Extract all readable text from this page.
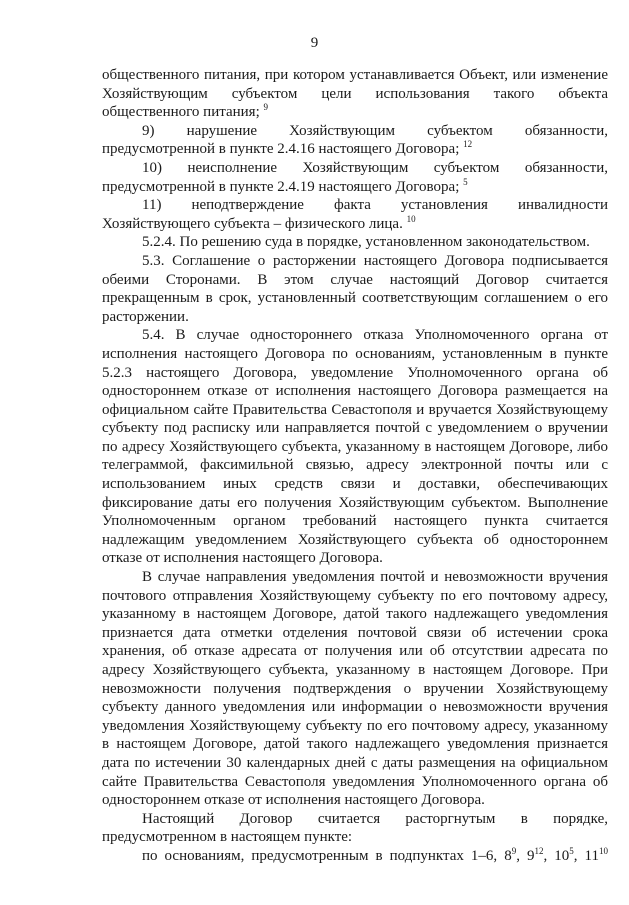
9

общественного питания, при котором устанавливается Объект, или изменение Хозяйствующим субъектом цели использования такого объекта общественного питания; $^9$

9) нарушение Хозяйствующим субъектом обязанности, предусмотренной в пункте 2.4.16 настоящего Договора; $^{12}$

10) неисполнение Хозяйствующим субъектом обязанности, предусмотренной в пункте 2.4.19 настоящего Договора; $^5$

11) неподтверждение факта установления инвалидности Хозяйствующего субъекта – физического лица. $^{10}$

5.2.4. По решению суда в порядке, установленном законодательством.

5.3. Соглашение о расторжении настоящего Договора подписывается обеими Сторонами. В этом случае настоящий Договор считается прекращенным в срок, установленный соответствующим соглашением о его расторжении.

5.4. В случае одностороннего отказа Уполномоченного органа от исполнения настоящего Договора по основаниям, установленным в пункте 5.2.3 настоящего Договора, уведомление Уполномоченного органа об одностороннем отказе от исполнения настоящего Договора размещается на официальном сайте Правительства Севастополя и вручается Хозяйствующему субъекту под расписку или направляется почтой с уведомлением о вручении по адресу Хозяйствующего субъекта, указанному в настоящем Договоре, либо телеграммой, факсимильной связью, адресу электронной почты или с использованием иных средств связи и доставки, обеспечивающих фиксирование даты его получения Хозяйствующим субъектом. Выполнение Уполномоченным органом требований настоящего пункта считается надлежащим уведомлением Хозяйствующего субъекта об одностороннем отказе от исполнения настоящего Договора.

В случае направления уведомления почтой и невозможности вручения почтового отправления Хозяйствующему субъекту по его почтовому адресу, указанному в настоящем Договоре, датой такого надлежащего уведомления признается дата отметки отделения почтовой связи об истечении срока хранения, об отказе адресата от получения или об отсутствии адресата по адресу Хозяйствующего субъекта, указанному в настоящем Договоре. При невозможности получения подтверждения о вручении Хозяйствующему субъекту данного уведомления или информации о невозможности вручения уведомления Хозяйствующему субъекту по его почтовому адресу, указанному в настоящем Договоре, датой такого надлежащего уведомления признается дата по истечении 30 календарных дней с даты размещения на официальном сайте Правительства Севастополя уведомления Уполномоченного органа об одностороннем отказе от исполнения настоящего Договора.

Настоящий Договор считается расторгнутым в порядке, предусмотренном в настоящем пункте:

по основаниям, предусмотренным в подпунктах 1–6, $8^9$, $9^{12}$, $10^5$, $11^{10}$
